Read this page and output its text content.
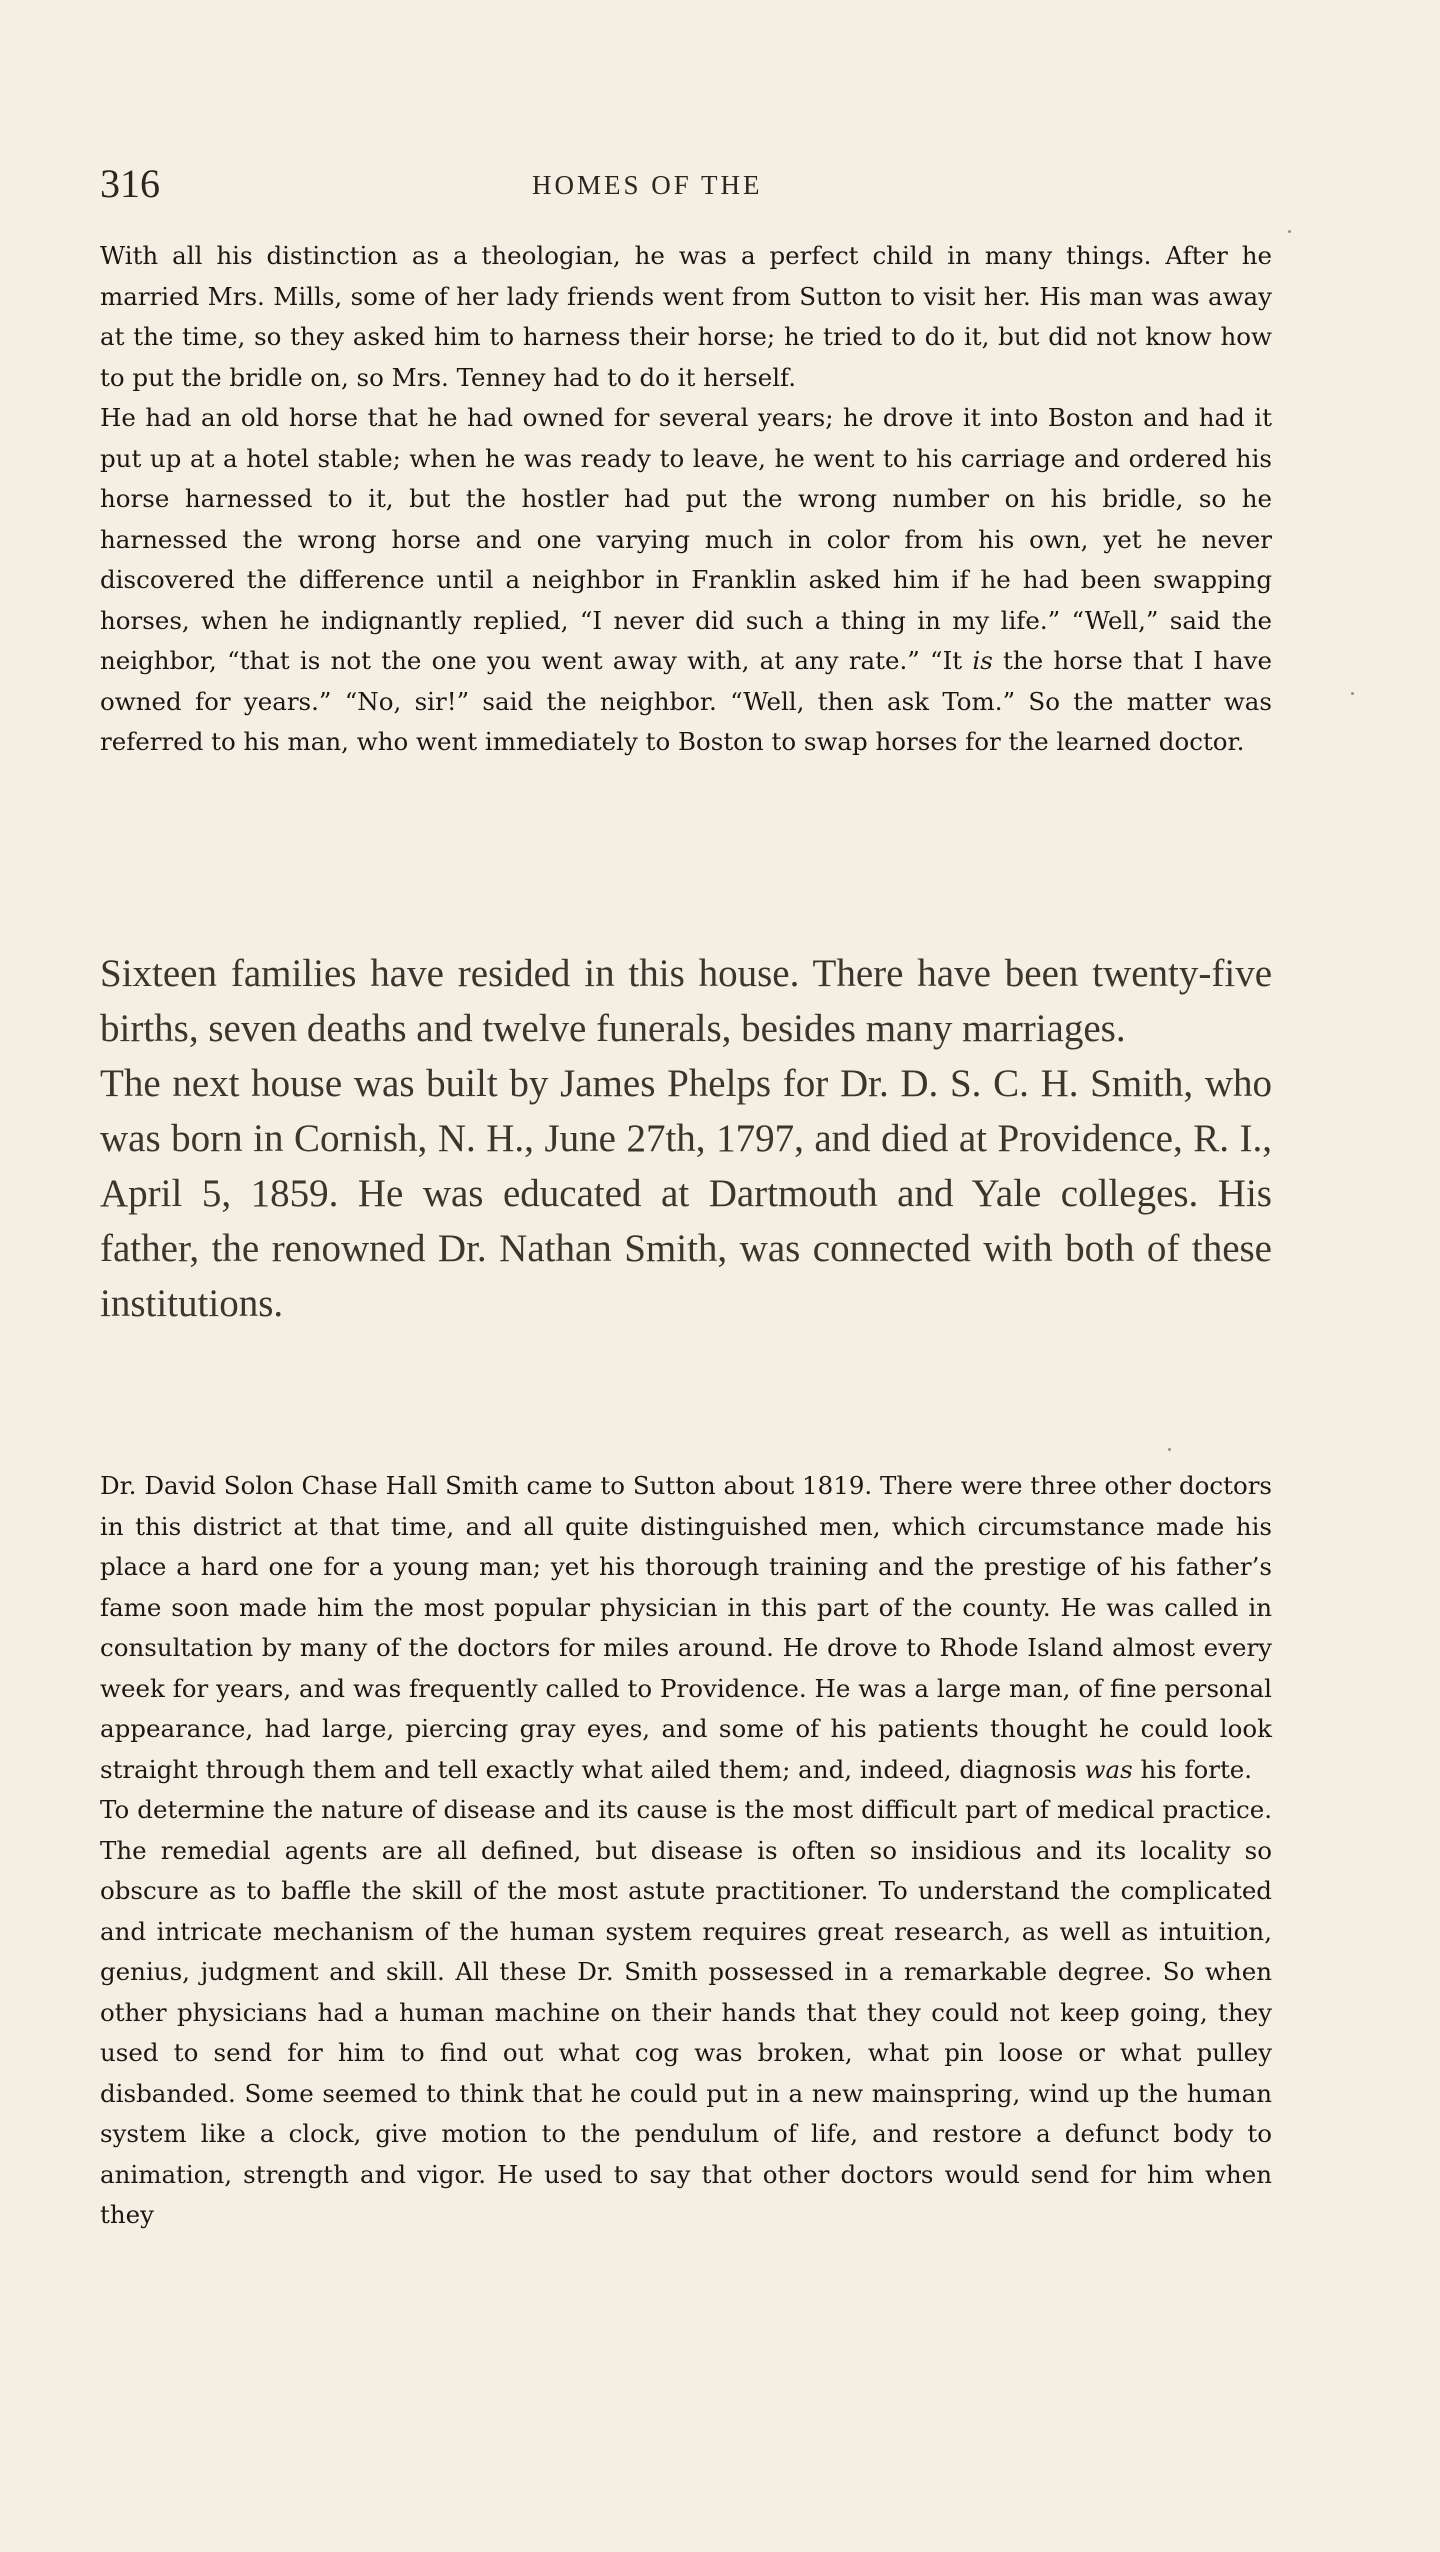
316	HOMES OF THE

With all his distinction as a theologian, he was a perfect child in many things. After he married Mrs. Mills, some of her lady friends went from Sutton to visit her. His man was away at the time, so they asked him to harness their horse; he tried to do it, but did not know how to put the bridle on, so Mrs. Tenney had to do it herself.

He had an old horse that he had owned for several years; he drove it into Boston and had it put up at a hotel stable; when he was ready to leave, he went to his carriage and ordered his horse harnessed to it, but the hostler had put the wrong number on his bridle, so he harnessed the wrong horse and one varying much in color from his own, yet he never discovered the difference until a neighbor in Franklin asked him if he had been swapping horses, when he indignantly replied, “I never did such a thing in my life.” “Well,” said the neighbor, “that is not the one you went away with, at any rate.” “It is the horse that I have owned for years.” “No, sir!” said the neighbor. “Well, then ask Tom.” So the matter was referred to his man, who went immediately to Boston to swap horses for the learned doctor.

Sixteen families have resided in this house. There have been twenty-five births, seven deaths and twelve funerals, besides many marriages.

The next house was built by James Phelps for Dr. D. S. C. H. Smith, who was born in Cornish, N. H., June 27th, 1797, and died at Providence, R. I., April 5, 1859. He was educated at Dartmouth and Yale colleges. His father, the renowned Dr. Nathan Smith, was connected with both of these institutions.

Dr. David Solon Chase Hall Smith came to Sutton about 1819. There were three other doctors in this district at that time, and all quite distinguished men, which circumstance made his place a hard one for a young man; yet his thorough training and the prestige of his father’s fame soon made him the most popular physician in this part of the county. He was called in consultation by many of the doctors for miles around. He drove to Rhode Island almost every week for years, and was frequently called to Providence. He was a large man, of fine personal appearance, had large, piercing gray eyes, and some of his patients thought he could look straight through them and tell exactly what ailed them; and, indeed, diagnosis was his forte.

To determine the nature of disease and its cause is the most difficult part of medical practice. The remedial agents are all defined, but disease is often so insidious and its locality so obscure as to baffle the skill of the most astute practitioner. To understand the complicated and intricate mechanism of the human system requires great research, as well as intuition, genius, judgment and skill. All these Dr. Smith possessed in a remarkable degree. So when other physicians had a human machine on their hands that they could not keep going, they used to send for him to find out what cog was broken, what pin loose or what pulley disbanded. Some seemed to think that he could put in a new mainspring, wind up the human system like a clock, give motion to the pendulum of life, and restore a defunct body to animation, strength and vigor. He used to say that other doctors would send for him when they
